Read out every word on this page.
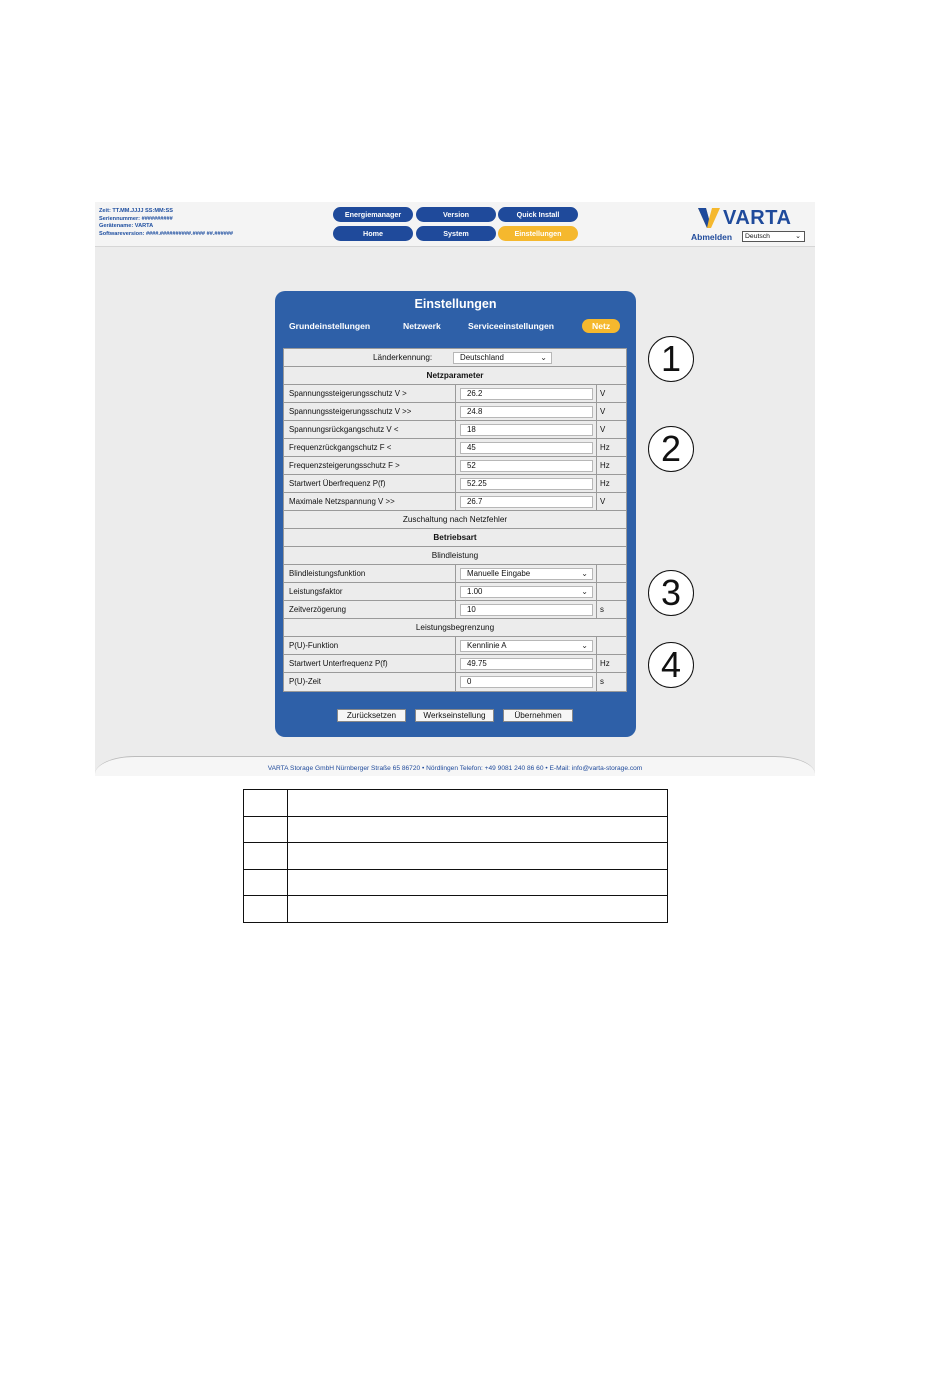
Zeit: TT.MM.JJJJ SS:MM:SS
Seriennummer: ##########
Gerätename: VARTA
Softwareversion: ####.##########.#### ##.######
Energiemanager	Version	Quick Install
Home	System	Einstellungen
VARTA
Abmelden	Deutsch	⌄
Einstellungen
Grundeinstellungen	Netzwerk	Serviceeinstellungen	Netz
Länderkennung:	Deutschland	⌄
Netzparameter
Spannungssteigerungsschutz V >	26.2	V
Spannungssteigerungsschutz V >>	24.8	V
Spannungsrückgangschutz V <	18	V
Frequenzrückgangschutz F <	45	Hz
Frequenzsteigerungsschutz F >	52	Hz
Startwert Überfrequenz P(f)	52.25	Hz
Maximale Netzspannung V >>	26.7	V
Zuschaltung nach Netzfehler
Betriebsart
Blindleistung
Blindleistungsfunktion	Manuelle Eingabe	⌄
Leistungsfaktor	1.00	⌄
Zeitverzögerung	10	s
Leistungsbegrenzung
P(U)-Funktion	Kennlinie A	⌄
Startwert Unterfrequenz P(f)	49.75	Hz
P(U)-Zeit	0	s
Zurücksetzen	Werkseinstellung	Übernehmen
VARTA Storage GmbH Nürnberger Straße 65 86720 • Nördlingen Telefon: +49 9081 240 86 60 • E-Mail: info@varta-storage.com
1
2
3
4
